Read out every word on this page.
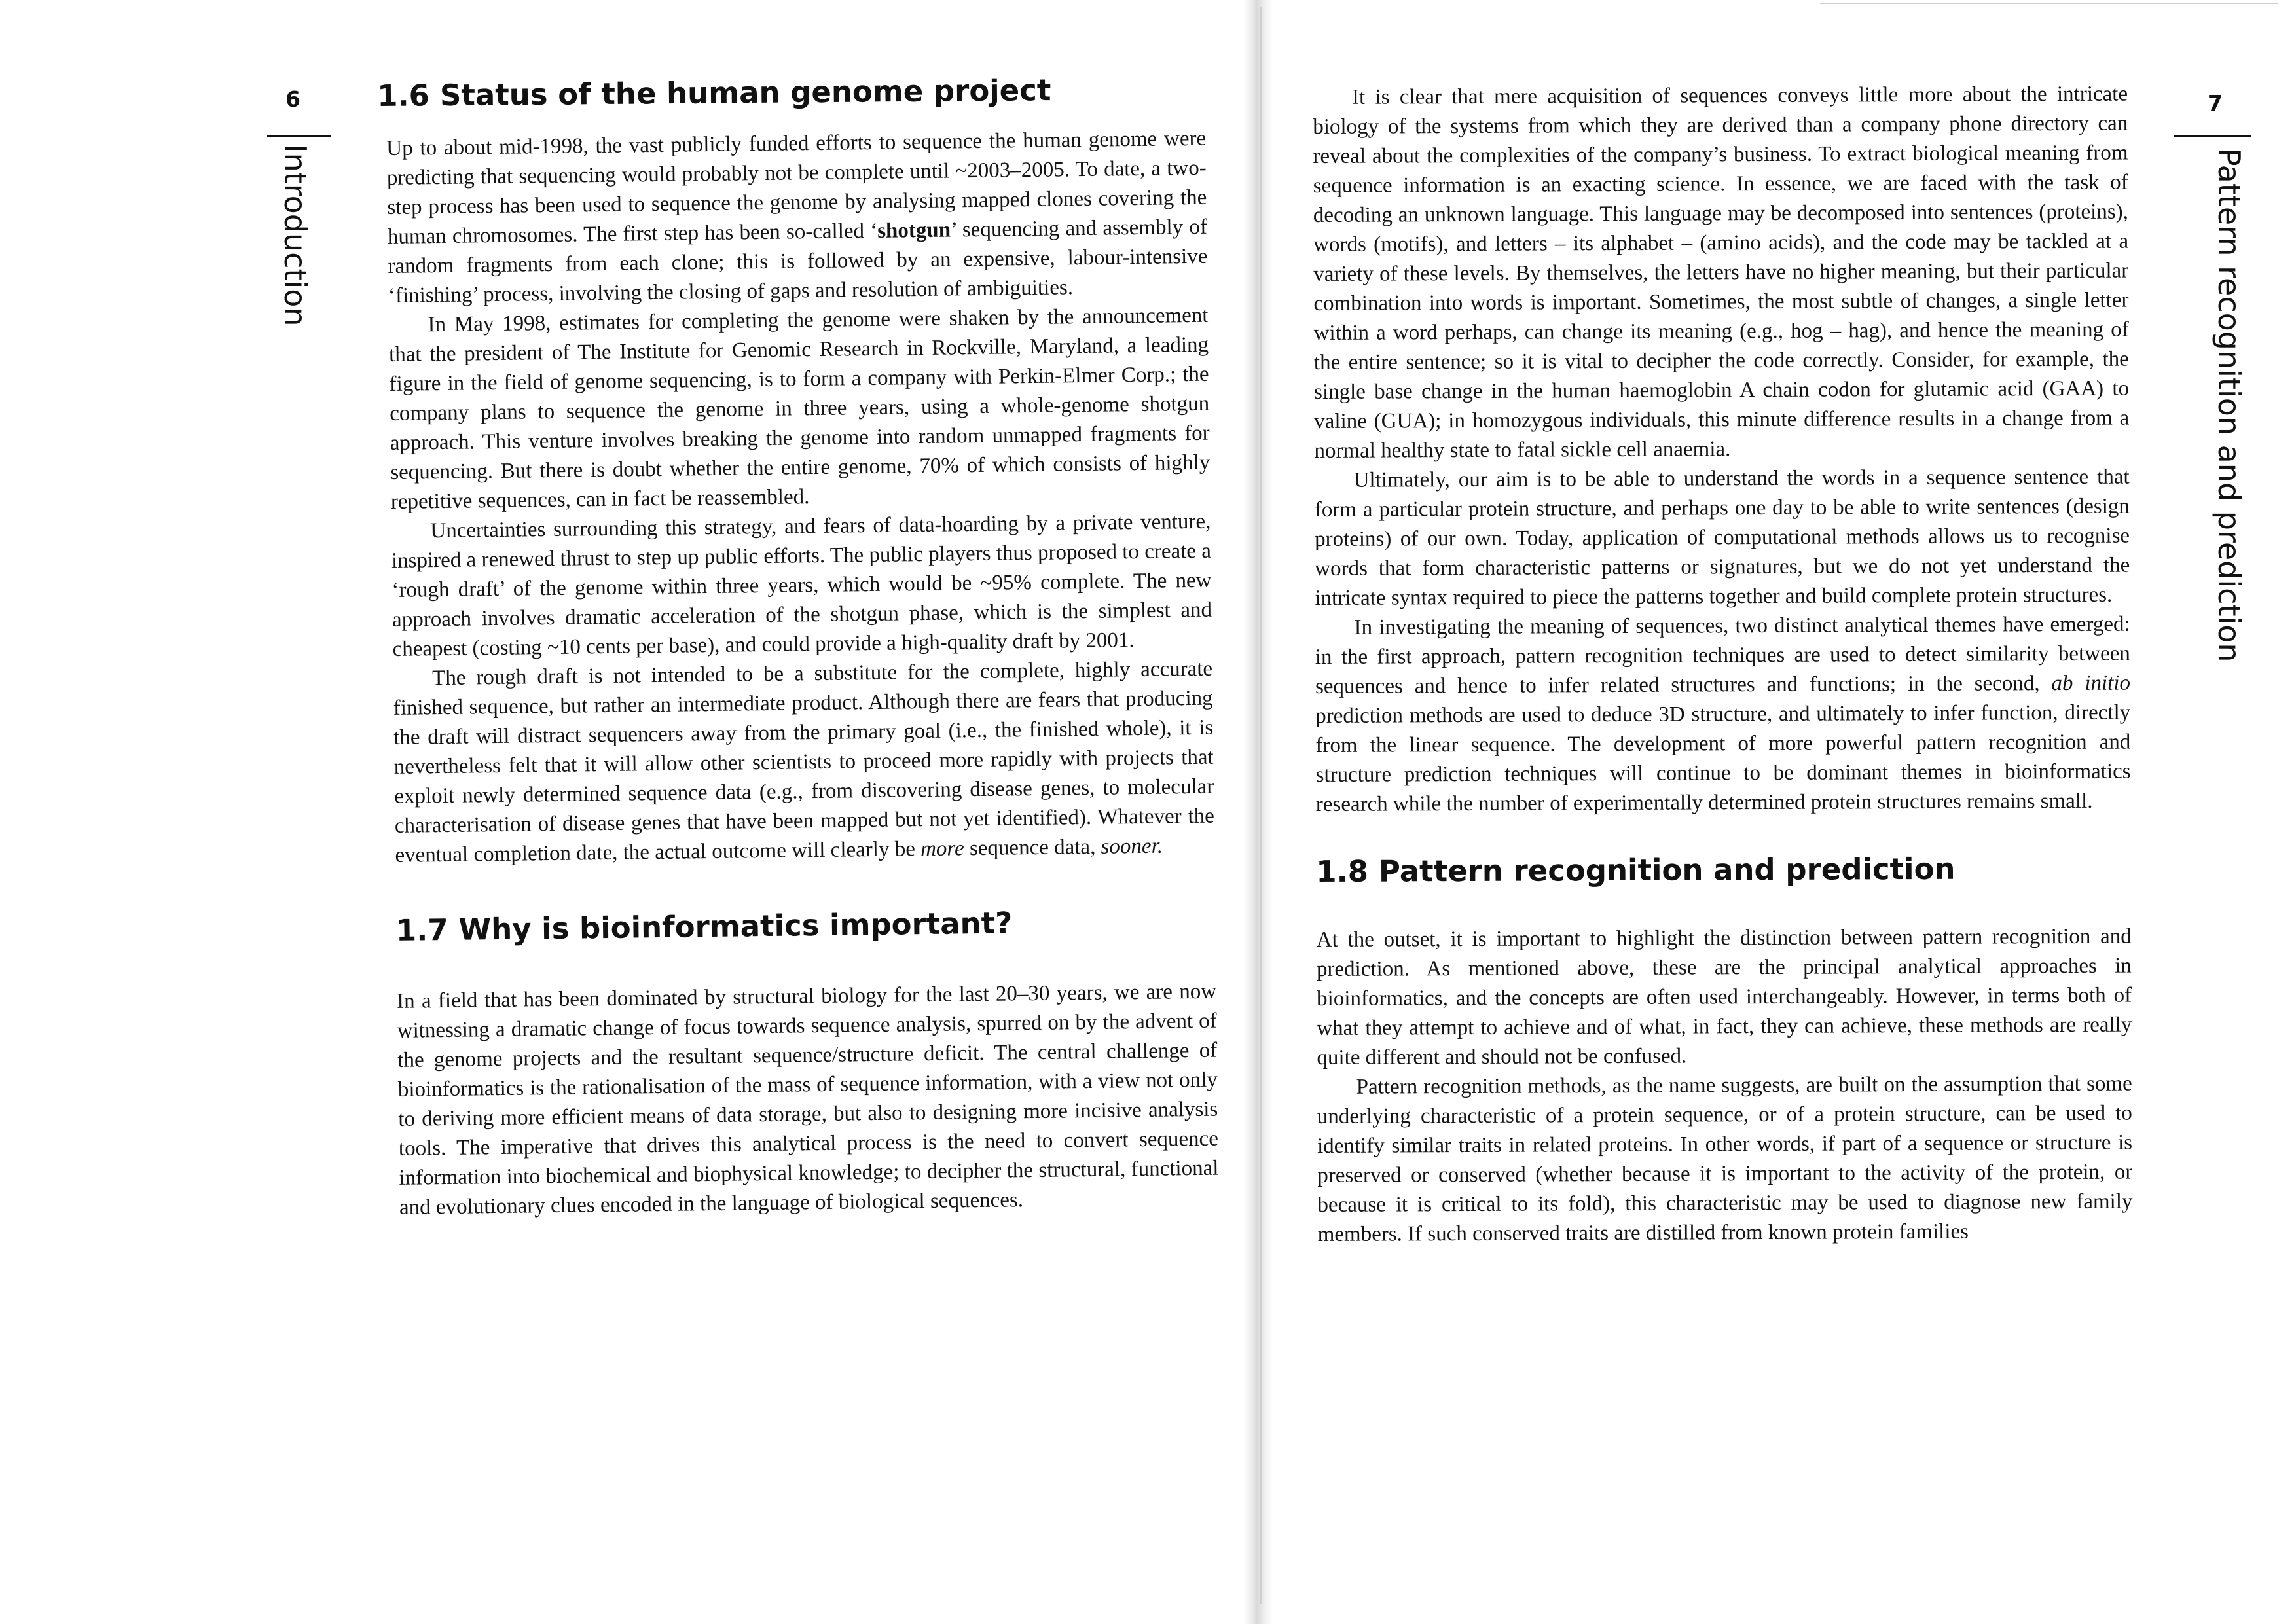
6
Introduction
1.6 Status of the human genome project

Up to about mid-1998, the vast publicly funded efforts to sequence the human genome were predicting that sequencing would probably not be complete until ~2003–2005. To date, a two-step process has been used to sequence the genome by analysing mapped clones covering the human chromosomes. The first step has been so-called ‘shotgun’ sequencing and assembly of random fragments from each clone; this is followed by an expensive, labour-intensive ‘finishing’ process, involving the closing of gaps and resolution of ambiguities.

In May 1998, estimates for completing the genome were shaken by the announcement that the president of The Institute for Genomic Research in Rockville, Maryland, a leading figure in the field of genome sequencing, is to form a company with Perkin-Elmer Corp.; the company plans to sequence the genome in three years, using a whole-genome shotgun approach. This venture involves breaking the genome into random unmapped fragments for sequencing. But there is doubt whether the entire genome, 70% of which consists of highly repetitive sequences, can in fact be reassembled.

Uncertainties surrounding this strategy, and fears of data-hoarding by a private venture, inspired a renewed thrust to step up public efforts. The public players thus proposed to create a ‘rough draft’ of the genome within three years, which would be ~95% complete. The new approach involves dramatic acceleration of the shotgun phase, which is the simplest and cheapest (costing ~10 cents per base), and could provide a high-quality draft by 2001.

The rough draft is not intended to be a substitute for the complete, highly accurate finished sequence, but rather an intermediate product. Although there are fears that producing the draft will distract sequencers away from the primary goal (i.e., the finished whole), it is nevertheless felt that it will allow other scientists to proceed more rapidly with projects that exploit newly determined sequence data (e.g., from discovering disease genes, to molecular characterisation of disease genes that have been mapped but not yet identified). Whatever the eventual completion date, the actual outcome will clearly be more sequence data, sooner.

1.7 Why is bioinformatics important?

In a field that has been dominated by structural biology for the last 20–30 years, we are now witnessing a dramatic change of focus towards sequence analysis, spurred on by the advent of the genome projects and the resultant sequence/structure deficit. The central challenge of bioinformatics is the rationalisation of the mass of sequence information, with a view not only to deriving more efficient means of data storage, but also to designing more incisive analysis tools. The imperative that drives this analytical process is the need to convert sequence information into biochemical and biophysical knowledge; to decipher the structural, functional and evolutionary clues encoded in the language of biological sequences.

7
Pattern recognition and prediction

It is clear that mere acquisition of sequences conveys little more about the intricate biology of the systems from which they are derived than a company phone directory can reveal about the complexities of the company’s business. To extract biological meaning from sequence information is an exacting science. In essence, we are faced with the task of decoding an unknown language. This language may be decomposed into sentences (proteins), words (motifs), and letters – its alphabet – (amino acids), and the code may be tackled at a variety of these levels. By themselves, the letters have no higher meaning, but their particular combination into words is important. Sometimes, the most subtle of changes, a single letter within a word perhaps, can change its meaning (e.g., hog – hag), and hence the meaning of the entire sentence; so it is vital to decipher the code correctly. Consider, for example, the single base change in the human haemoglobin A chain codon for glutamic acid (GAA) to valine (GUA); in homozygous individuals, this minute difference results in a change from a normal healthy state to fatal sickle cell anaemia.

Ultimately, our aim is to be able to understand the words in a sequence sentence that form a particular protein structure, and perhaps one day to be able to write sentences (design proteins) of our own. Today, application of computational methods allows us to recognise words that form characteristic patterns or signatures, but we do not yet understand the intricate syntax required to piece the patterns together and build complete protein structures.

In investigating the meaning of sequences, two distinct analytical themes have emerged: in the first approach, pattern recognition techniques are used to detect similarity between sequences and hence to infer related structures and functions; in the second, ab initio prediction methods are used to deduce 3D structure, and ultimately to infer function, directly from the linear sequence. The development of more powerful pattern recognition and structure prediction techniques will continue to be dominant themes in bioinformatics research while the number of experimentally determined protein structures remains small.

1.8 Pattern recognition and prediction

At the outset, it is important to highlight the distinction between pattern recognition and prediction. As mentioned above, these are the principal analytical approaches in bioinformatics, and the concepts are often used interchangeably. However, in terms both of what they attempt to achieve and of what, in fact, they can achieve, these methods are really quite different and should not be confused.

Pattern recognition methods, as the name suggests, are built on the assumption that some underlying characteristic of a protein sequence, or of a protein structure, can be used to identify similar traits in related proteins. In other words, if part of a sequence or structure is preserved or conserved (whether because it is important to the activity of the protein, or because it is critical to its fold), this characteristic may be used to diagnose new family members. If such conserved traits are distilled from known protein families
